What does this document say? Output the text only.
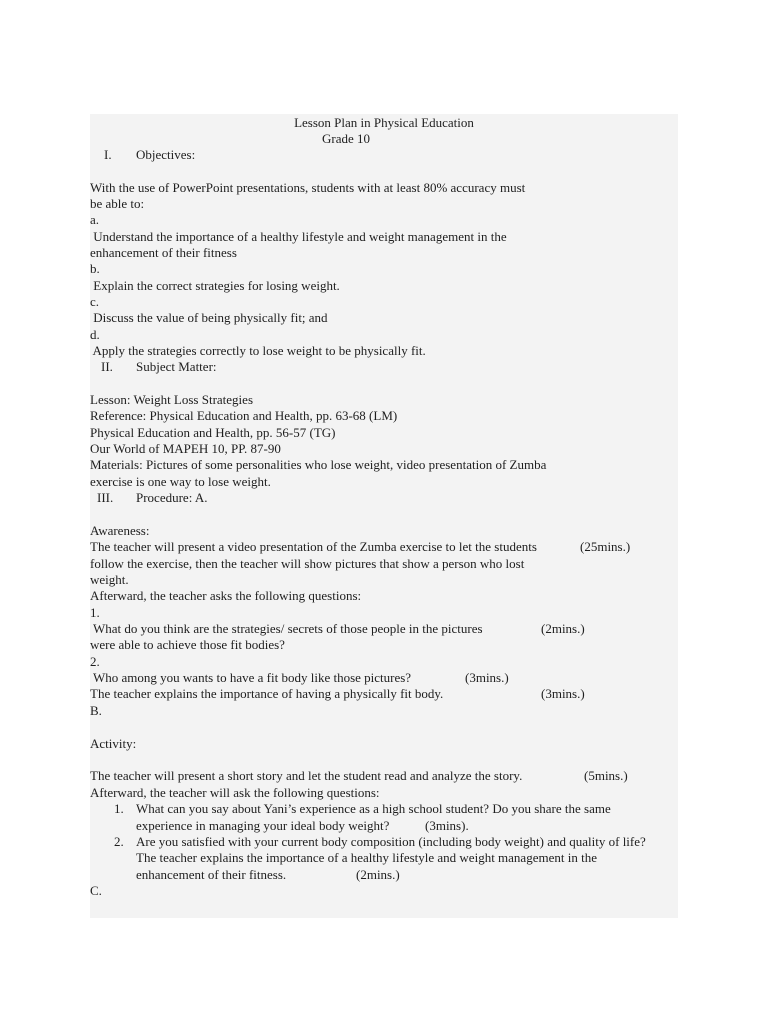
Lesson Plan in Physical Education
Grade 10
I. Objectives:
With the use of PowerPoint presentations, students with at least 80% accuracy must
be able to:
a.
Understand the importance of a healthy lifestyle and weight management in the
enhancement of their fitness
b.
Explain the correct strategies for losing weight.
c.
Discuss the value of being physically fit; and
d.
Apply the strategies correctly to lose weight to be physically fit.
II. Subject Matter:
Lesson: Weight Loss Strategies
Reference: Physical Education and Health, pp. 63-68 (LM)
Physical Education and Health, pp. 56-57 (TG)
Our World of MAPEH 10, PP. 87-90
Materials: Pictures of some personalities who lose weight, video presentation of Zumba
exercise is one way to lose weight.
III. Procedure: A.
Awareness:
The teacher will present a video presentation of the Zumba exercise to let the students	(25mins.)
follow the exercise, then the teacher will show pictures that show a person who lost
weight.
Afterward, the teacher asks the following questions:
1.
What do you think are the strategies/ secrets of those people in the pictures	(2mins.)
were able to achieve those fit bodies?
2.
Who among you wants to have a fit body like those pictures?	(3mins.)
The teacher explains the importance of having a physically fit body.	(3mins.)
B.
Activity:
The teacher will present a short story and let the student read and analyze the story.	(5mins.)
Afterward, the teacher will ask the following questions:
1. What can you say about Yani’s experience as a high school student? Do you share the same
experience in managing your ideal body weight?	(3mins).
2. Are you satisfied with your current body composition (including body weight) and quality of life?
The teacher explains the importance of a healthy lifestyle and weight management in the
enhancement of their fitness.	(2mins.)
C.
